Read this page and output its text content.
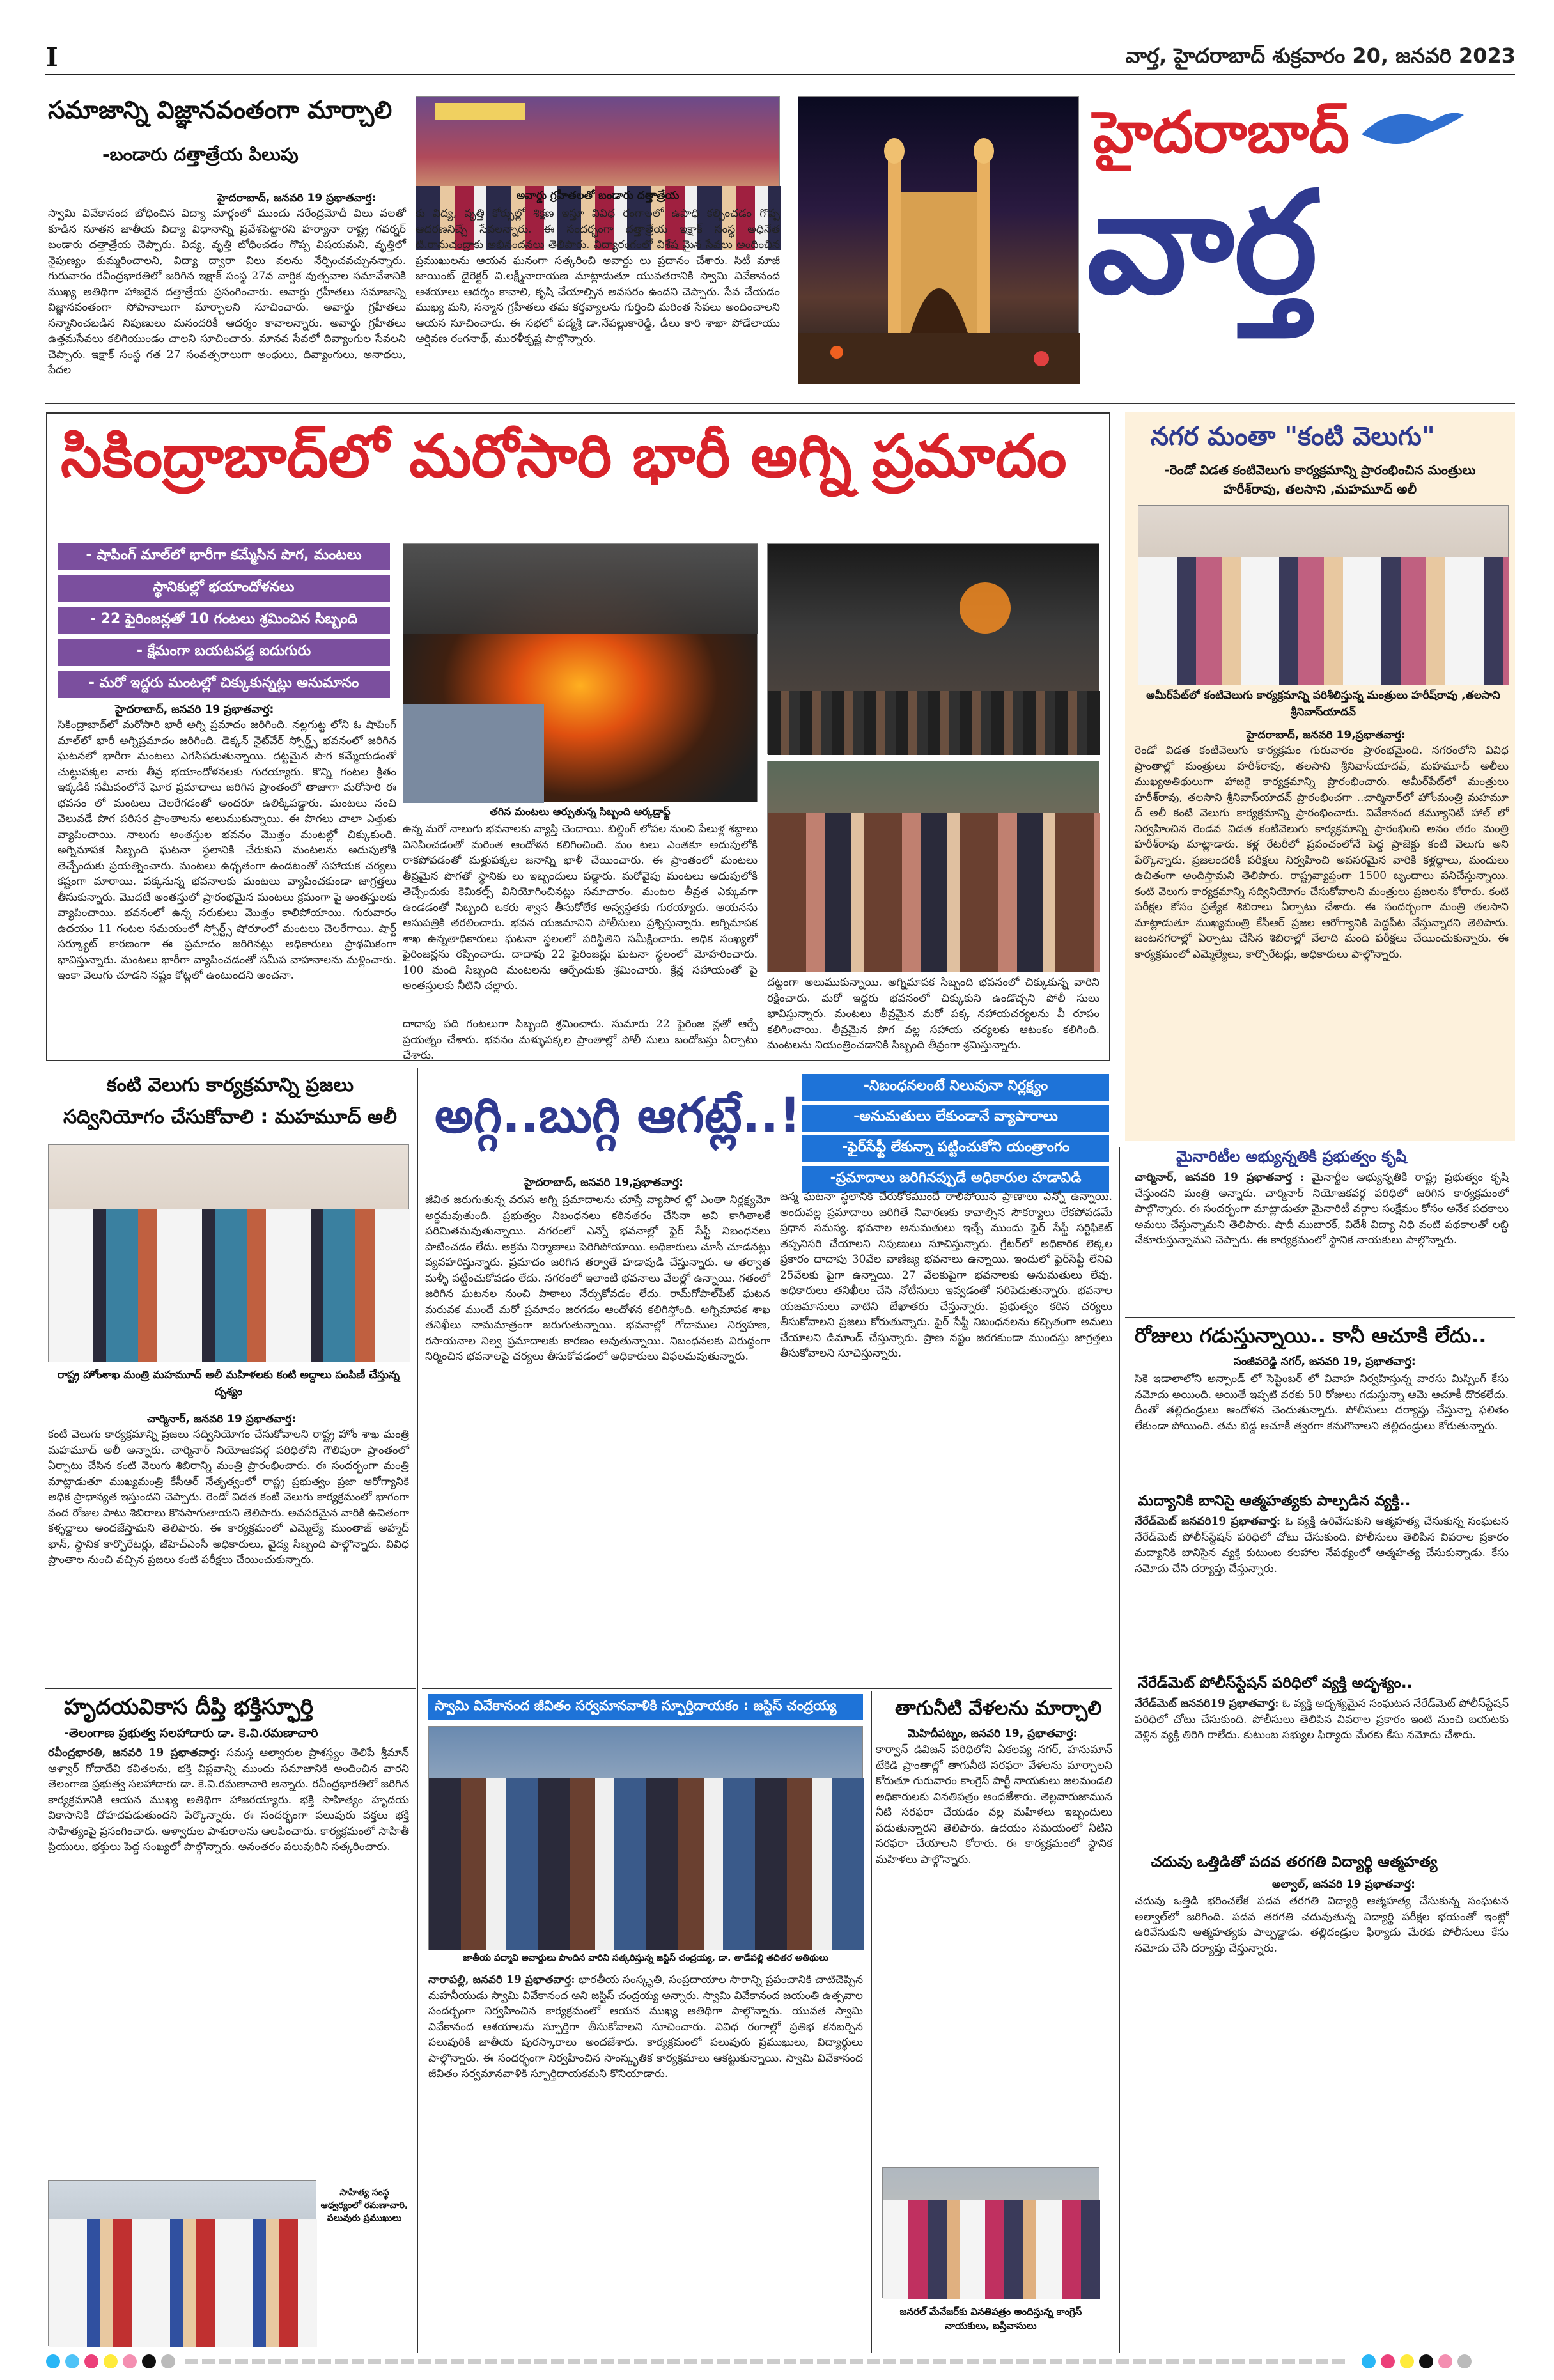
I	వార్త, హైదరాబాద్ శుక్రవారం 20, జనవరి 2023
సమాజాన్ని విజ్ఞానవంతంగా మార్చాలి
-బండారు దత్తాత్రేయ పిలుపు
హైదరాబాద్‌, జనవరి 19 ప్రభాతవార్త:
స్వామి వివేకానంద బోధించిన విద్యా మార్గంలో ముందు నరేంద్రమోదీ విలు వలతో కూడిన నూతన జాతీయ విద్యా విధానాన్ని ప్రవేశపెట్టారని హర్యానా రాష్ట్ర గవర్నర్ బండారు దత్తాత్రేయ చెప్పారు. విద్య, వృత్తి బోధించడం గొప్ప విషయమని, వృత్తిలో నైపుణ్యం కుమ్మరించాలని, విద్యా ద్వారా విలు వలను నేర్పించవచ్చునన్నారు. గురువారం రవీంద్రభారతిలో జరిగిన ఇక్షాక్ సంస్థ 27వ వార్షిక వుత్సవాల సమావేశానికి ముఖ్య అతిథిగా హాజరైన దత్తాత్రేయ ప్రసంగించారు. అవార్డు గ్రహీతలు సమాజాన్ని విజ్ఞానవంతంగా సోపానాలుగా మార్చాలని సూచించారు. అవార్డు గ్రహీతలు సన్మానించబడిన నిపుణులు మనందరికీ ఆదర్శం కావాలన్నారు. అవార్డు గ్రహీతలు ఉత్తమసేవలు కలిగియుండం చాలని సూచించారు. మానవ సేవలో దివ్యాంగుల సేవలని చెప్పారు. ఇక్షాక్ సంస్థ గత 27 సంవత్సరాలుగా అంధులు, దివ్యాంగులు, అనాథలు, పేదల
అవార్డు గ్రహీతలతో బండారు దత్తాత్రేయ
కు విద్య, వృత్తి కోర్సుల్లో శిక్షణ ఇస్తూ వివిధ రంగాలలో ఉపాధి కల్పించడం గొప్ప ఆదరణనిచ్చే సేవలన్నారు. ఈ సందర్భంగా దత్తాత్రేయ ఇక్షాక్ సంస్థ అధినేత టి.రామచంద్రాకు అభినందనలు తెలిపారు. విద్యారంగంలో విశేష మైన సేవలు అందించిన ప్రముఖులను ఆయన ఘనంగా సత్కరించి అవార్డు లు ప్రదానం చేశారు. సిటీ మాజీ జాయింట్ డైరెక్టర్ వి.లక్ష్మీనారాయణ మాట్లాడుతూ యువతరానికి స్వామి వివేకానంద ఆశయాలు ఆదర్శం కావాలి, కృషి చేయాల్సిన అవసరం ఉందని చెప్పారు. సేవ చేయడం ముఖ్య మని, సన్మాన గ్రహీతలు తమ కర్తవ్యాలను గుర్తించి మరింత సేవలు అందించాలని ఆయన సూచించారు. ఈ సభలో పద్మశ్రీ డా.నేపల్లుకారెడ్డి, డీలు కారి శాఖా పోడేలాయు ఆర్షివణ రంగనాథ్, మురళీకృష్ణ పాల్గొన్నారు.
హైదరాబాద్
వార్త
సికింద్రాబాద్‌లో మరోసారి భారీ అగ్ని ప్రమాదం
- షాపింగ్ మాల్‌లో భారీగా కమ్మేసిన పొగ, మంటలు
స్థానికుల్లో భయాందోళనలు
- 22 ఫైరింజన్లతో 10 గంటలు శ్రమించిన సిబ్బంది
- క్షేమంగా బయటపడ్డ ఐదుగురు
- మరో ఇద్దరు మంటల్లో చిక్కుకున్నట్లు అనుమానం
తగిన మంటలు ఆర్పుతున్న సిబ్బంది ఆర్కడ్రాఫ్ట్
దట్టంగా అలుముకున్నాయి. అగ్నిమాపక సిబ్బంది భవనంలో చిక్కుకున్న వారిని రక్షించారు. మరో ఇద్దరు భవనంలో చిక్కుకుని ఉండొచ్చని పోలీ సులు భావిస్తున్నారు. మంటలు తీవ్రమైన మరో పక్క నహాయచర్యలను వీ రూపం కలిగించాయి. తీవ్రమైన పొగ వల్ల సహాయ చర్యలకు ఆటంకం కలిగింది. మంటలను నియంత్రించడానికి సిబ్బంది తీవ్రంగా శ్రమిస్తున్నారు.
హైదరాబాద్‌, జనవరి 19 ప్రభాతవార్త:
సికింద్రాబాద్‌లో మరోసారి భారీ అగ్ని ప్రమాదం జరిగింది. నల్లగుట్ట లోని ఓ షాపింగ్ మాల్‌లో భారీ అగ్నిప్రమాదం జరిగింది. డెక్కన్ నైట్‌వేర్ స్పోర్ట్స్ భవనంలో జరిగిన ఘటనలో భారీగా మంటలు ఎగసిపడుతున్నాయి. దట్టమైన పొగ కమ్మేయడంతో చుట్టుపక్కల వారు తీవ్ర భయాందోళనలకు గురయ్యారు. కొన్ని గంటల క్రితం ఇక్కడికి సమీపంలోనే ఘోర ప్రమాదాలు జరిగిన ప్రాంతంలో తాజాగా మరోసారి ఈ భవనం లో మంటలు చెలరేగడంతో అందరూ ఉలిక్కిపడ్డారు. మంటలు నంచి వెలువడే పొగ పరిసర ప్రాంతాలను అలుముకున్నాయి. ఈ పొగలు చాలా ఎత్తుకు వ్యాపించాయి. నాలుగు అంతస్తుల భవనం మొత్తం మంటల్లో చిక్కుకుంది. అగ్నిమాపక సిబ్బంది ఘటనా స్థలానికి చేరుకుని మంటలను అదుపులోకి తెచ్చేందుకు ప్రయత్నించారు. మంటలు ఉధృతంగా ఉండటంతో సహాయక చర్యలు కష్టంగా మారాయి. పక్కనున్న భవనాలకు మంటలు వ్యాపించకుండా జాగ్రత్తలు తీసుకున్నారు. మొదటి అంతస్తులో ప్రారంభమైన మంటలు క్రమంగా పై అంతస్తులకు వ్యాపించాయి. భవనంలో ఉన్న సరుకులు మొత్తం కాలిపోయాయి. గురువారం ఉదయం 11 గంటల సమయంలో స్పోర్ట్స్ షోరూంలో మంటలు చెలరేగాయి. షార్ట్ సర్క్యూట్ కారణంగా ఈ ప్రమాదం జరిగినట్లు అధికారులు ప్రాథమికంగా భావిస్తున్నారు. మంటలు భారీగా వ్యాపించడంతో సమీప వాహనాలను మళ్లించారు. ఇంకా వెలుగు చూడని నష్టం కోట్లలో ఉంటుందని అంచనా.
ఉన్న మరో నాలుగు భవనాలకు వ్యాప్తి చెందాయి. బిల్డింగ్ లోపల నుంచి పేలుళ్ల శబ్దాలు వినిపించడంతో మరింత ఆందోళన కలిగించింది. మం టలు ఎంతకూ అదుపులోకి రాకపోవడంతో మళ్లుపక్కల జనాన్ని ఖాళీ చేయించారు. ఈ ప్రాంతంలో మంటలు తీవ్రమైన పొగతో స్థానికు లు ఇబ్బందులు పడ్డారు. మరోవైపు మంటలు అదుపులోకి తెచ్చేందుకు కెమికల్స్ వినియోగించినట్లు సమాచారం. మంటల తీవ్రత ఎక్కువగా ఉండడంతో సిబ్బంది ఒకరు శ్వాస తీసుకోలేక అస్వస్థతకు గురయ్యారు. ఆయనను ఆసుపత్రికి తరలించారు. భవన యజమానిని పోలీసులు ప్రశ్నిస్తున్నారు. అగ్నిమాపక శాఖ ఉన్నతాధికారులు ఘటనా స్థలంలో పరిస్థితిని సమీక్షించారు. అధిక సంఖ్యలో ఫైరింజన్లను రప్పించారు. దాదాపు 22 ఫైరింజన్లు ఘటనా స్థలంలో మోహరించారు. 100 మంది సిబ్బంది మంటలను ఆర్పేందుకు శ్రమించారు. క్రేన్ల సహాయంతో పై అంతస్తులకు నీటిని చల్లారు.
దాదాపు పది గంటలుగా సిబ్బంది శ్రమించారు. సుమారు 22 ఫైరింజ న్లతో ఆర్పే ప్రయత్నం చేశారు. భవనం మళ్ళుపక్కల ప్రాంతాల్లో పోలీ సులు బందోబస్తు ఏర్పాటు చేశారు.
నగర మంతా "కంటి వెలుగు"
-రెండో విడత కంటివెలుగు కార్యక్రమాన్ని ప్రారంభించిన మంత్రులు హరీశ్‌రావు, తలసాని ,మహమూద్ అలీ
అమీర్‌పేట్‌లో కంటివెలుగు కార్యక్రమాన్ని పరిశీలిస్తున్న మంత్రులు హరీష్‌రావు ,తలసాని శ్రీనివాస్‌యాదవ్
హైదరాబాద్‌, జనవరి 19,ప్రభాతవార్త:
రెండో విడత కంటివెలుగు కార్యక్రమం గురువారం ప్రారంభమైంది. నగరంలోని వివిధ ప్రాంతాల్లో మంత్రులు హరీశ్‌రావు, తలసాని శ్రీనివాస్‌యాదవ్, మహమూద్ అలీలు ముఖ్యఅతిథులుగా హాజరై కార్యక్రమాన్ని ప్రారంభించారు. అమీర్‌పేట్‌లో మంత్రులు హరీశ్‌రావు, తలసాని శ్రీనివాస్‌యాదవ్ ప్రారంభించగా ..చార్మినార్‌లో హోంమంత్రి మహమూ ద్ అలీ కంటి వెలుగు కార్యక్రమాన్ని ప్రారంభించారు. వివేకానంద కమ్యూనిటీ హాల్ లో నిర్వహించిన రెండవ విడత కంటివెలుగు కార్యక్రమాన్ని ప్రారంభించి అనం తరం మంత్రి హరీశ్‌రావు మాట్లాడారు. కళ్ల రేటరీలో ప్రపంచంలోనే పెద్ద ప్రాజెక్టు కంటి వెలుగు అని పేర్కొన్నారు. ప్రజలందరికీ పరీక్షలు నిర్వహించి అవసరమైన వారికి కళ్లద్దాలు, మందులు ఉచితంగా అందిస్తామని తెలిపారు. రాష్ట్రవ్యాప్తంగా 1500 బృందాలు పనిచేస్తున్నాయి. కంటి వెలుగు కార్యక్రమాన్ని సద్వినియోగం చేసుకోవాలని మంత్రులు ప్రజలను కోరారు. కంటి పరీక్షల కోసం ప్రత్యేక శిబిరాలు ఏర్పాటు చేశారు. ఈ సందర్భంగా మంత్రి తలసాని మాట్లాడుతూ ముఖ్యమంత్రి కేసీఆర్ ప్రజల ఆరోగ్యానికి పెద్దపీట వేస్తున్నారని తెలిపారు. జంటనగరాల్లో ఏర్పాటు చేసిన శిబిరాల్లో వేలాది మంది పరీక్షలు చేయించుకున్నారు. ఈ కార్యక్రమంలో ఎమ్మెల్యేలు, కార్పొరేటర్లు, అధికారులు పాల్గొన్నారు.
మైనారిటీల అభ్యున్నతికి ప్రభుత్వం కృషి
చార్మినార్‌, జనవరి 19 ప్రభాతవార్త : మైనార్టీల అభ్యున్నతికి రాష్ట్ర ప్రభుత్వం కృషి చేస్తుందని మంత్రి అన్నారు. చార్మినార్ నియోజకవర్గ పరిధిలో జరిగిన కార్యక్రమంలో పాల్గొన్నారు. ఈ సందర్భంగా మాట్లాడుతూ మైనారిటీ వర్గాల సంక్షేమం కోసం అనేక పథకాలు అమలు చేస్తున్నామని తెలిపారు. షాదీ ముబారక్, విదేశీ విద్యా నిధి వంటి పథకాలతో లబ్ధి చేకూరుస్తున్నామని చెప్పారు. ఈ కార్యక్రమంలో స్థానిక నాయకులు పాల్గొన్నారు.
రోజులు గడుస్తున్నాయి.. కానీ ఆచూకి లేదు..
సంజీవరెడ్డి నగర్‌, జనవరి 19, ప్రభాతవార్త:
సికె ఇడాలాలోని అన్సాండ్ లో సెప్టెంబర్ లో వివాహ నిర్వహిస్తున్న వారసు మిస్సింగ్ కేసు నమోదు అయింది. అయితే ఇప్పటి వరకు 50 రోజులు గడుస్తున్నా ఆమె ఆచూకీ దొరకలేదు. దీంతో తల్లిదండ్రులు ఆందోళన చెందుతున్నారు. పోలీసులు దర్యాప్తు చేస్తున్నా ఫలితం లేకుండా పోయింది. తమ బిడ్డ ఆచూకీ త్వరగా కనుగొనాలని తల్లిదండ్రులు కోరుతున్నారు.
మద్యానికి బానిసై ఆత్మహత్యకు పాల్పడిన వ్యక్తి..
నేరేడ్‌మెట్‌ జనవరి19 ప్రభాతవార్త: ఓ వ్యక్తి ఉరివేసుకుని ఆత్మహత్య చేసుకున్న సంఘటన నేరేడ్‌మెట్ పోలీస్‌స్టేషన్ పరిధిలో చోటు చేసుకుంది. పోలీసులు తెలిపిన వివరాల ప్రకారం మద్యానికి బానిసైన వ్యక్తి కుటుంబ కలహాల నేపథ్యంలో ఆత్మహత్య చేసుకున్నాడు. కేసు నమోదు చేసి దర్యాప్తు చేస్తున్నారు.
నేరేడ్‌మెట్‌ పోలీస్‌స్టేషన్ పరిధిలో వ్యక్తి అదృశ్యం..
నేరేడ్‌మెట్‌ జనవరి19 ప్రభాతవార్త: ఓ వ్యక్తి అదృశ్యమైన సంఘటన నేరేడ్‌మెట్ పోలీస్‌స్టేషన్ పరిధిలో చోటు చేసుకుంది. పోలీసులు తెలిపిన వివరాల ప్రకారం ఇంటి నుంచి బయటకు వెళ్లిన వ్యక్తి తిరిగి రాలేదు. కుటుంబ సభ్యుల ఫిర్యాదు మేరకు కేసు నమోదు చేశారు.
చదువు ఒత్తిడితో పదవ తరగతి విద్యార్థి ఆత్మహత్య
అల్వాల్‌, జనవరి 19 ప్రభాతవార్త:
చదువు ఒత్తిడి భరించలేక పదవ తరగతి విద్యార్థి ఆత్మహత్య చేసుకున్న సంఘటన అల్వాల్‌లో జరిగింది. పదవ తరగతి చదువుతున్న విద్యార్థి పరీక్షల భయంతో ఇంట్లో ఉరివేసుకుని ఆత్మహత్యకు పాల్పడ్డాడు. తల్లిదండ్రుల ఫిర్యాదు మేరకు పోలీసులు కేసు నమోదు చేసి దర్యాప్తు చేస్తున్నారు.
కంటి వెలుగు కార్యక్రమాన్ని ప్రజలు
సద్వినియోగం చేసుకోవాలి : మహమూద్ అలీ
రాష్ట్ర హోంశాఖ మంత్రి మహమూద్ అలీ మహిళలకు కంటి అద్దాలు పంపిణీ చేస్తున్న దృశ్యం
చార్మినార్‌, జనవరి 19 ప్రభాతవార్త:
కంటి వెలుగు కార్యక్రమాన్ని ప్రజలు సద్వినియోగం చేసుకోవాలని రాష్ట్ర హోం శాఖ మంత్రి మహమూద్ అలీ అన్నారు. చార్మినార్ నియోజకవర్గ పరిధిలోని గౌలిపురా ప్రాంతంలో ఏర్పాటు చేసిన కంటి వెలుగు శిబిరాన్ని మంత్రి ప్రారంభించారు. ఈ సందర్భంగా మంత్రి మాట్లాడుతూ ముఖ్యమంత్రి కేసీఆర్ నేతృత్వంలో రాష్ట్ర ప్రభుత్వం ప్రజా ఆరోగ్యానికి అధిక ప్రాధాన్యత ఇస్తుందని చెప్పారు. రెండో విడత కంటి వెలుగు కార్యక్రమంలో భాగంగా వంద రోజుల పాటు శిబిరాలు కొనసాగుతాయని తెలిపారు. అవసరమైన వారికి ఉచితంగా కళ్ళద్దాలు అందజేస్తామని తెలిపారు. ఈ కార్యక్రమంలో ఎమ్మెల్యే ముంతాజ్ అహ్మద్ ఖాన్, స్థానిక కార్పొరేటర్లు, జీహెచ్ఎంసీ అధికారులు, వైద్య సిబ్బంది పాల్గొన్నారు. వివిధ ప్రాంతాల నుంచి వచ్చిన ప్రజలు కంటి పరీక్షలు చేయించుకున్నారు.
హృదయవికాస దీప్తి భక్తిస్ఫూర్తి
-తెలంగాణ ప్రభుత్వ సలహాదారు డా. కె.వి.రమణాచారి
రవీంద్రభారతి, జనవరి 19 ప్రభాతవార్త: సమస్త ఆల్వారుల ప్రాశస్త్యం తెలిపే శ్రీమాన్ ఆళ్వార్ గోదాదేవి కవితలను, భక్తి విప్లవాన్ని ముందు సమాజానికి అందించిన వారని తెలంగాణ ప్రభుత్వ సలహాదారు డా. కె.వి.రమణాచారి అన్నారు. రవీంద్రభారతిలో జరిగిన కార్యక్రమానికి ఆయన ముఖ్య అతిథిగా హాజరయ్యారు. భక్తి సాహిత్యం హృదయ వికాసానికి దోహదపడుతుందని పేర్కొన్నారు. ఈ సందర్భంగా పలువురు వక్తలు భక్తి సాహిత్యంపై ప్రసంగించారు. ఆళ్వారుల పాశురాలను ఆలపించారు. కార్యక్రమంలో సాహితీ ప్రియులు, భక్తులు పెద్ద సంఖ్యలో పాల్గొన్నారు. అనంతరం పలువురిని సత్కరించారు.
సాహిత్య సంస్థ ఆధ్వర్యంలో రమణాచారి, పలువురు ప్రముఖులు
అగ్గి..బుగ్గి ఆగట్లే..!
-నిబంధనలంటే నిలువునా నిర్లక్ష్యం
-అనుమతులు లేకుండానే వ్యాపారాలు
-ఫైర్‌సేఫ్టీ లేకున్నా పట్టించుకోని యంత్రాంగం
-ప్రమాదాలు జరిగినప్పుడే అధికారుల హడావిడి
హైదరాబాద్‌, జనవరి 19,ప్రభాతవార్త:
జీవిత జరుగుతున్న వరుస అగ్ని ప్రమాదాలను చూస్తే వ్యాపార ల్లో ఎంతా నిర్లక్ష్యమో అర్థమవుతుంది. ప్రభుత్వం నిబంధనలు కఠినతరం చేసినా అవి కాగితాలకే పరిమితమవుతున్నాయి. నగరంలో ఎన్నో భవనాల్లో ఫైర్ సేఫ్టీ నిబంధనలు పాటించడం లేదు. అక్రమ నిర్మాణాలు పెరిగిపోయాయి. అధికారులు చూసీ చూడనట్లు వ్యవహరిస్తున్నారు. ప్రమాదం జరిగిన తర్వాతే హడావుడి చేస్తున్నారు. ఆ తర్వాత మళ్ళీ పట్టించుకోవడం లేదు. నగరంలో ఇలాంటి భవనాలు వేలల్లో ఉన్నాయి. గతంలో జరిగిన ఘటనల నుంచి పాఠాలు నేర్చుకోవడం లేదు. రామ్‌గోపాల్‌పేట్ ఘటన మరువక ముందే మరో ప్రమాదం జరగడం ఆందోళన కలిగిస్తోంది. అగ్నిమాపక శాఖ తనిఖీలు నామమాత్రంగా జరుగుతున్నాయి. భవనాల్లో గోదాముల నిర్వహణ, రసాయనాల నిల్వ ప్రమాదాలకు కారణం అవుతున్నాయి. నిబంధనలకు విరుద్ధంగా నిర్మించిన భవనాలపై చర్యలు తీసుకోవడంలో అధికారులు విఫలమవుతున్నారు.
జన్మ ఘటనా స్థలానికి చేరుకోకముందే రాలిపోయిన ప్రాణాలు ఎన్నో ఉన్నాయి. అందువల్ల ప్రమాదాలు జరిగితే నివారణకు కావాల్సిన సౌకర్యాలు లేకపోవడమే ప్రధాన సమస్య. భవనాల అనుమతులు ఇచ్చే ముందు ఫైర్ సేఫ్టీ సర్టిఫికెట్ తప్పనిసరి చేయాలని నిపుణులు సూచిస్తున్నారు. గ్రేటర్‌లో అధికారిక లెక్కల ప్రకారం దాదాపు 30వేల వాణిజ్య భవనాలు ఉన్నాయి. ఇందులో ఫైర్‌సేఫ్టీ లేనివి 25వేలకు పైగా ఉన్నాయి. 27 వేలకుపైగా భవనాలకు అనుమతులు లేవు. అధికారులు తనిఖీలు చేసి నోటీసులు ఇవ్వడంతో సరిపెడుతున్నారు. భవనాల యజమానులు వాటిని బేఖాతరు చేస్తున్నారు. ప్రభుత్వం కఠిన చర్యలు తీసుకోవాలని ప్రజలు కోరుతున్నారు. ఫైర్ సేఫ్టీ నిబంధనలను కచ్చితంగా అమలు చేయాలని డిమాండ్ చేస్తున్నారు. ప్రాణ నష్టం జరగకుండా ముందస్తు జాగ్రత్తలు తీసుకోవాలని సూచిస్తున్నారు.
స్వామి వివేకానంద జీవితం సర్వమానవాళికి స్ఫూర్తిదాయకం : జస్టిస్ చంద్రయ్య
జాతీయ పద్మావి అవార్డులు పొందిన వారిని సత్కరిస్తున్న జస్టిస్ చంద్రయ్య, డా. తాడేపల్లి తదితర అతిథులు
నారాపల్లి, జనవరి 19 ప్రభాతవార్త: భారతీయ సంస్కృతి, సంప్రదాయాల సారాన్ని ప్రపంచానికి చాటిచెప్పిన మహనీయుడు స్వామి వివేకానంద అని జస్టిస్ చంద్రయ్య అన్నారు. స్వామి వివేకానంద జయంతి ఉత్సవాల సందర్భంగా నిర్వహించిన కార్యక్రమంలో ఆయన ముఖ్య అతిథిగా పాల్గొన్నారు. యువత స్వామి వివేకానంద ఆశయాలను స్ఫూర్తిగా తీసుకోవాలని సూచించారు. వివిధ రంగాల్లో ప్రతిభ కనబర్చిన పలువురికి జాతీయ పురస్కారాలు అందజేశారు. కార్యక్రమంలో పలువురు ప్రముఖులు, విద్యార్థులు పాల్గొన్నారు. ఈ సందర్భంగా నిర్వహించిన సాంస్కృతిక కార్యక్రమాలు ఆకట్టుకున్నాయి. స్వామి వివేకానంద జీవితం సర్వమానవాళికి స్ఫూర్తిదాయకమని కొనియాడారు.
తాగునీటి వేళలను మార్చాలి
మెహిదీపట్నం, జనవరి 19, ప్రభాతవార్త:
కార్వాన్ డివిజన్ పరిధిలోని ఏకలవ్య నగర్, హనుమాన్ టేకిడి ప్రాంతాల్లో తాగునీటి సరఫరా వేళలను మార్చాలని కోరుతూ గురువారం కాంగ్రెస్ పార్టీ నాయకులు జలమండలి అధికారులకు వినతిపత్రం అందజేశారు. తెల్లవారుజామున నీటి సరఫరా చేయడం వల్ల మహిళలు ఇబ్బందులు పడుతున్నారని తెలిపారు. ఉదయం సమయంలో నీటిని సరఫరా చేయాలని కోరారు. ఈ కార్యక్రమంలో స్థానిక మహిళలు పాల్గొన్నారు.
జనరల్ మేనేజర్‌కు వినతిపత్రం అందిస్తున్న కాంగ్రెస్ నాయకులు, బస్తీవాసులు
